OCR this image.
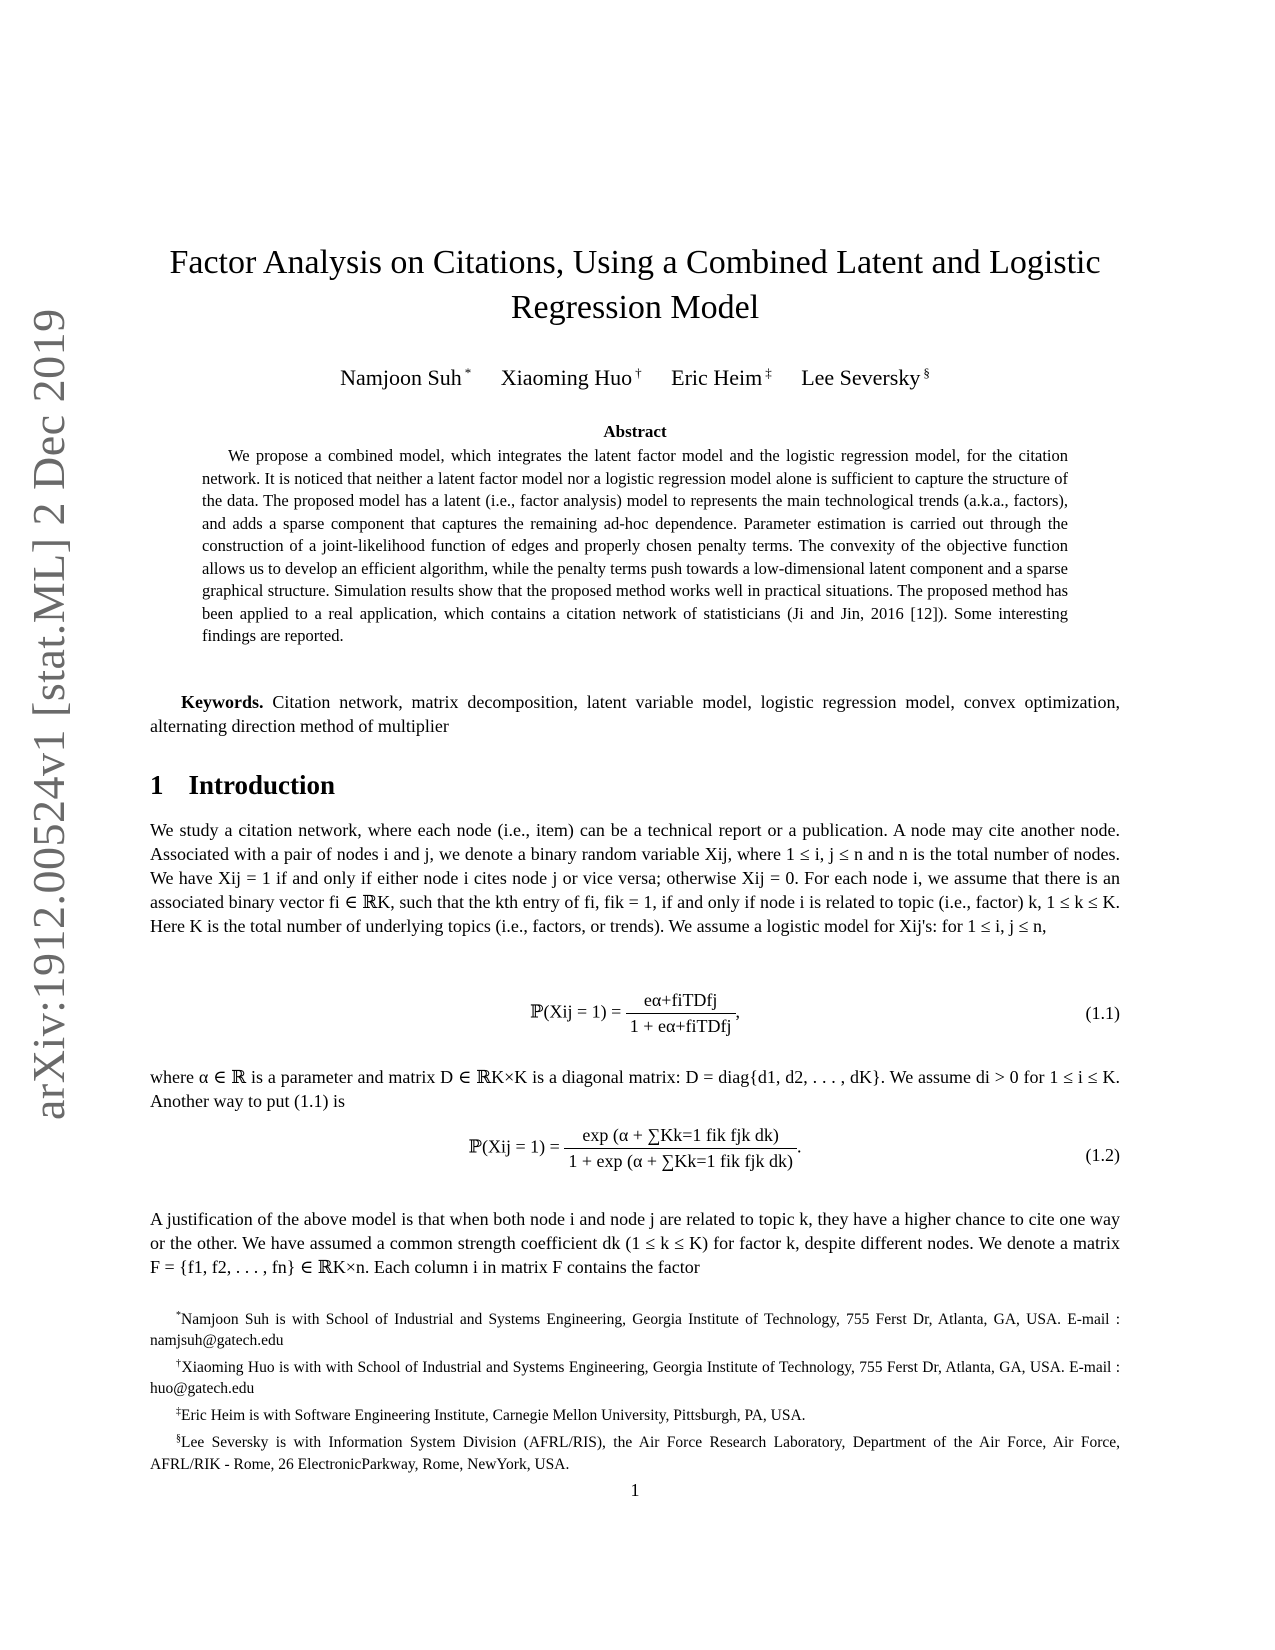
arXiv:1912.00524v1 [stat.ML] 2 Dec 2019
Factor Analysis on Citations, Using a Combined Latent and Logistic Regression Model
Namjoon Suh * Xiaoming Huo † Eric Heim ‡ Lee Seversky §
Abstract

We propose a combined model, which integrates the latent factor model and the logistic regression model, for the citation network. It is noticed that neither a latent factor model nor a logistic regression model alone is sufficient to capture the structure of the data. The proposed model has a latent (i.e., factor analysis) model to represents the main technological trends (a.k.a., factors), and adds a sparse component that captures the remaining ad-hoc dependence. Parameter estimation is carried out through the construction of a joint-likelihood function of edges and properly chosen penalty terms. The convexity of the objective function allows us to develop an efficient algorithm, while the penalty terms push towards a low-dimensional latent component and a sparse graphical structure. Simulation results show that the proposed method works well in practical situations. The proposed method has been applied to a real application, which contains a citation network of statisticians (Ji and Jin, 2016 [12]). Some interesting findings are reported.

Keywords. Citation network, matrix decomposition, latent variable model, logistic regression model, convex optimization, alternating direction method of multiplier

1 Introduction

We study a citation network, where each node (i.e., item) can be a technical report or a publication. A node may cite another node. Associated with a pair of nodes i and j, we denote a binary random variable Xij, where 1 ≤ i, j ≤ n and n is the total number of nodes. We have Xij = 1 if and only if either node i cites node j or vice versa; otherwise Xij = 0. For each node i, we assume that there is an associated binary vector fi ∈ ℝK, such that the kth entry of fi, fik = 1, if and only if node i is related to topic (i.e., factor) k, 1 ≤ k ≤ K. Here K is the total number of underlying topics (i.e., factors, or trends). We assume a logistic model for Xij's: for 1 ≤ i, j ≤ n,

ℙ(Xij = $1) = \frac{\text{eα+fiTDfj}}{\text{1 + eα+fiTDfj}}$ ,	(1.1)

where α ∈ ℝ is a parameter and matrix D ∈ ℝK×K is a diagonal matrix: D = diag{d1, d2, . . . , dK}. We assume di > 0 for 1 ≤ i ≤ K. Another way to put (1.1) is

ℙ(Xij = $1) = \frac{\text{exp (α + ∑Kk=1 fik fjk dk)}}{\text{1 + exp (α + ∑Kk=1 fik fjk dk)}}$ .	(1.2)

A justification of the above model is that when both node i and node j are related to topic k, they have a higher chance to cite one way or the other. We have assumed a common strength coefficient dk (1 ≤ k ≤ K) for factor k, despite different nodes. We denote a matrix F = {f1, f2, . . . , fn} ∈ ℝK×n. Each column i in matrix F contains the factor

*Namjoon Suh is with School of Industrial and Systems Engineering, Georgia Institute of Technology, 755 Ferst Dr, Atlanta, GA, USA. E-mail : namjsuh@gatech.edu

†Xiaoming Huo is with with School of Industrial and Systems Engineering, Georgia Institute of Technology, 755 Ferst Dr, Atlanta, GA, USA. E-mail : huo@gatech.edu

‡Eric Heim is with Software Engineering Institute, Carnegie Mellon University, Pittsburgh, PA, USA.

§Lee Seversky is with Information System Division (AFRL/RIS), the Air Force Research Laboratory, Department of the Air Force, Air Force, AFRL/RIK - Rome, 26 ElectronicParkway, Rome, NewYork, USA.

1
